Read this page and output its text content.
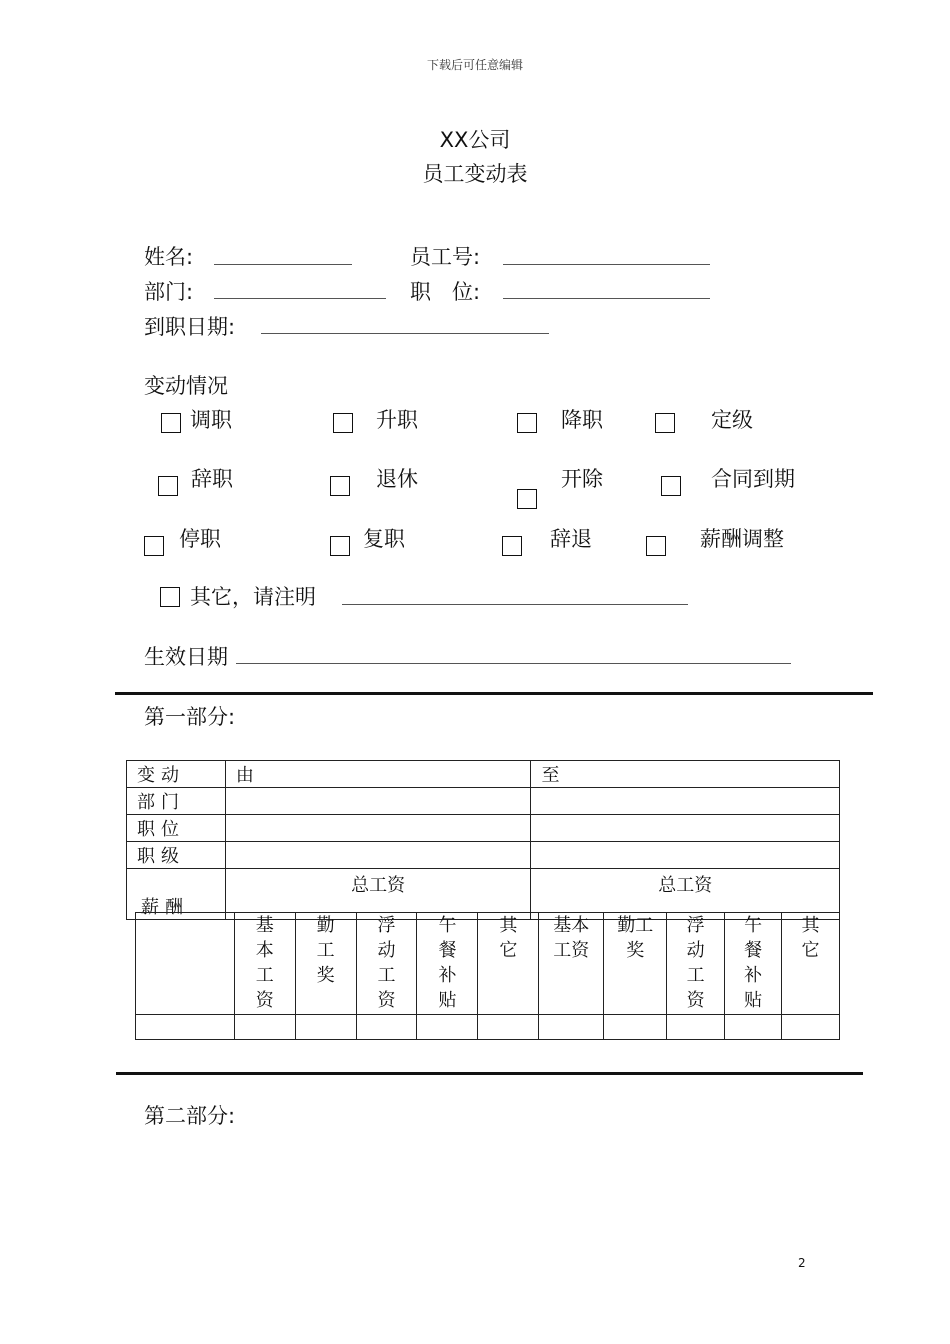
下载后可任意编辑
XX公司
员工变动表
姓名:	员工号:
部门:	职　位:
到职日期:
变动情况
调职	升职	降职	定级
辞职	退休	开除	合同到期
停职	复职	辞退	薪酬调整
其它，请注明
生效日期
第一部分:
变动	由	至
部门		
职位		
职级		
薪酬	总工资	总工资
	基本工资	勤工奖	浮动工资	午餐补贴	其它	基本工资	勤工奖	浮动工资	午餐补贴	其它

第二部分:
2
